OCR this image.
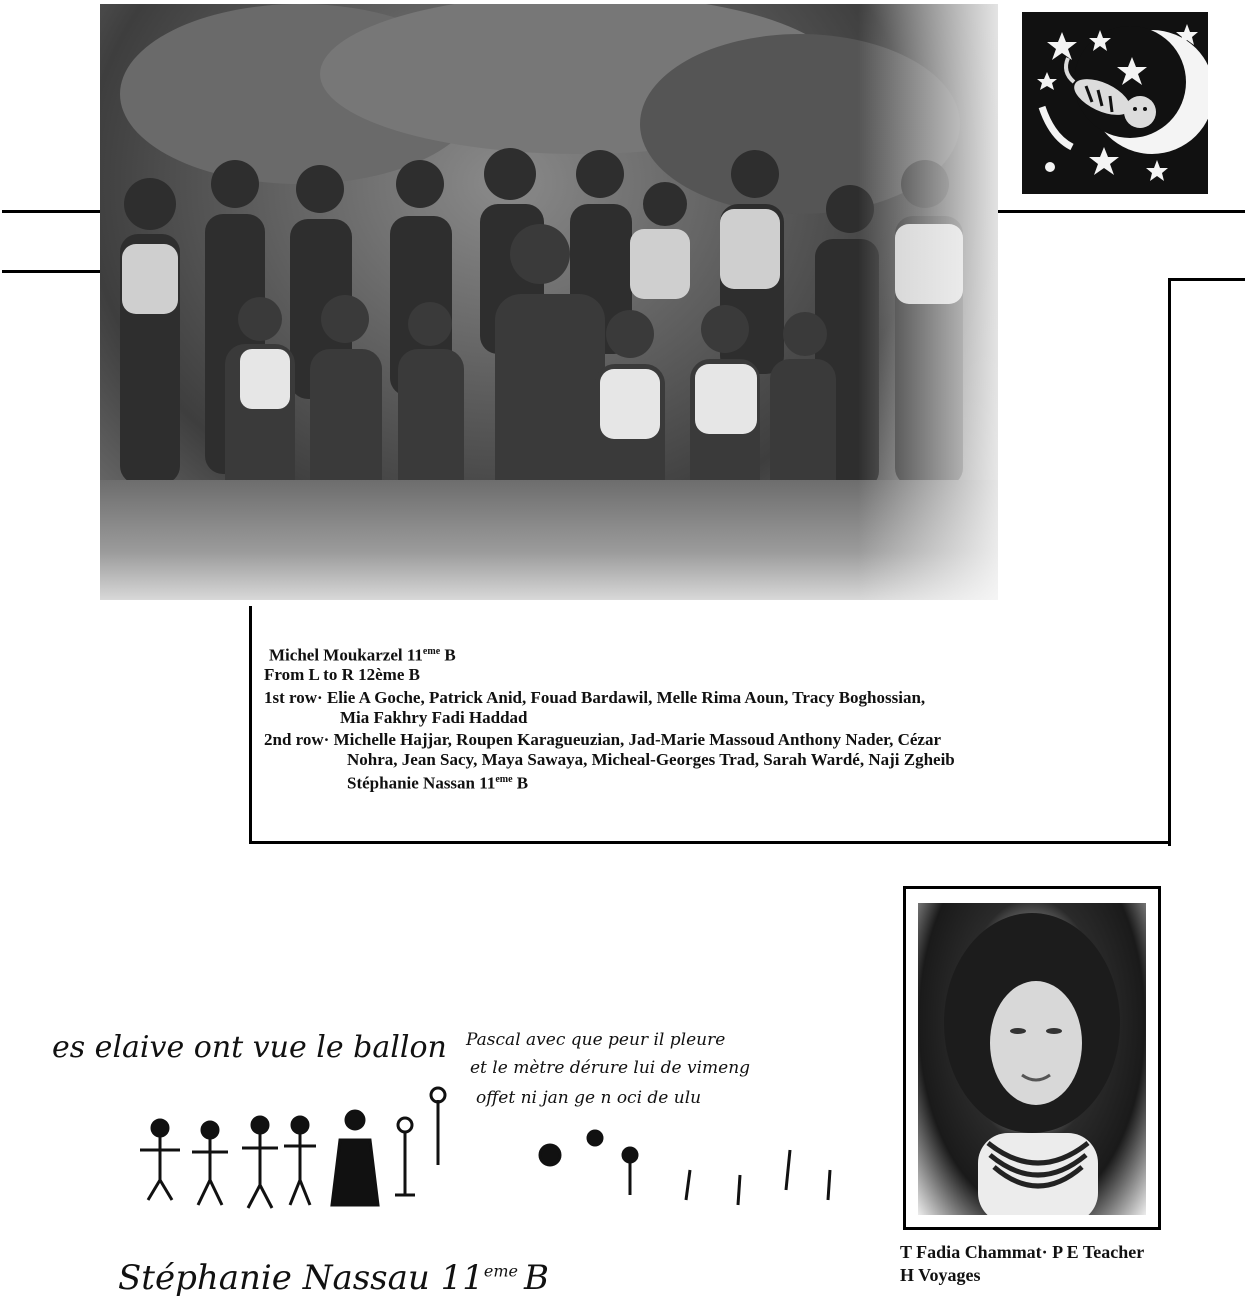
Michel Moukarzel 11eme B
From L to R 12ème B
1st row· Elie A Goche, Patrick Anid, Fouad Bardawil, Melle Rima Aoun, Tracy Boghossian,
Mia Fakhry Fadi Haddad
2nd row· Michelle Hajjar, Roupen Karagueuzian, Jad-Marie Massoud Anthony Nader, Cézar
Nohra, Jean Sacy, Maya Sawaya, Micheal-Georges Trad, Sarah Wardé, Naji Zgheib
Stéphanie Nassan 11eme B
T Fadia Chammat· P E Teacher
H Voyages
es elaive ont vue le ballon Pascal avec que peur il pleure
et le mètre dérure lui de vimeng
offet ni jan ge n oci de ulu
Stéphanie Nassau 11eme B
